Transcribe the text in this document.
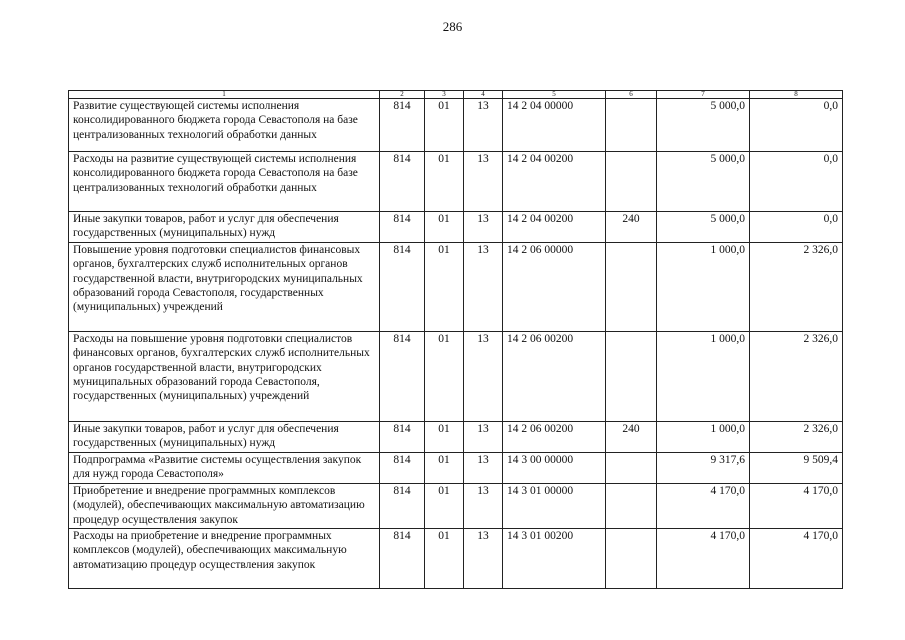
286
1	2	3	4	5	6	7	8
Развитие существующей системы исполнения консолидированного бюджета города Севастополя на базе централизованных технологий обработки данных	814	01	13	14 2 04 00000		5 000,0	0,0
Расходы на развитие существующей системы исполнения консолидированного бюджета города Севастополя на базе централизованных технологий обработки данных	814	01	13	14 2 04 00200		5 000,0	0,0
Иные закупки товаров, работ и услуг для обеспечения государственных (муниципальных) нужд	814	01	13	14 2 04 00200	240	5 000,0	0,0
Повышение уровня подготовки специалистов финансовых органов, бухгалтерских служб исполнительных органов государственной власти, внутригородских муниципальных образований города Севастополя, государственных (муниципальных) учреждений	814	01	13	14 2 06 00000		1 000,0	2 326,0
Расходы на повышение уровня подготовки специалистов финансовых органов, бухгалтерских служб исполнительных органов государственной власти, внутригородских муниципальных образований города Севастополя, государственных (муниципальных) учреждений	814	01	13	14 2 06 00200		1 000,0	2 326,0
Иные закупки товаров, работ и услуг для обеспечения государственных (муниципальных) нужд	814	01	13	14 2 06 00200	240	1 000,0	2 326,0
Подпрограмма «Развитие системы осуществления закупок для нужд города Севастополя»	814	01	13	14 3 00 00000		9 317,6	9 509,4
Приобретение и внедрение программных комплексов (модулей), обеспечивающих максимальную автоматизацию процедур осуществления закупок	814	01	13	14 3 01 00000		4 170,0	4 170,0
Расходы на приобретение и внедрение программных комплексов (модулей), обеспечивающих максимальную автоматизацию процедур осуществления закупок	814	01	13	14 3 01 00200		4 170,0	4 170,0
